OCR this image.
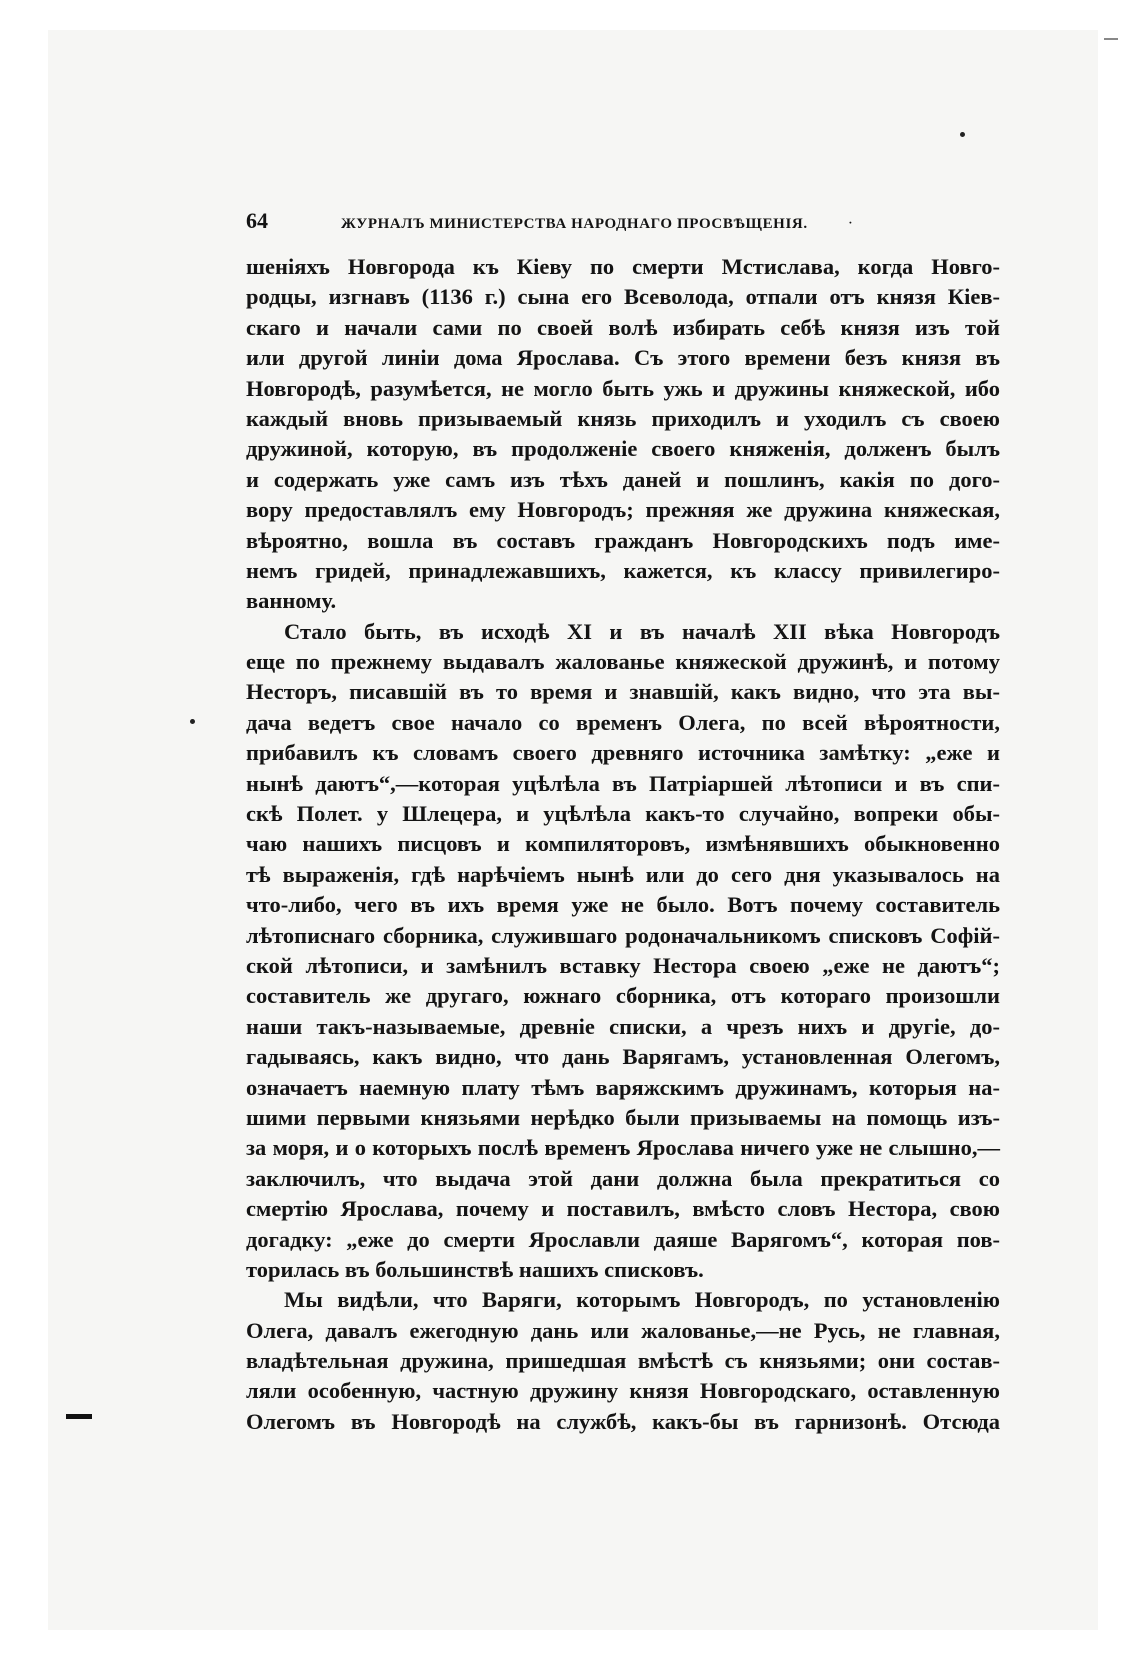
64	ЖУРНАЛЪ МИНИСТЕРСТВА НАРОДНАГО ПРОСВѢЩЕНІЯ.	·
шеніяхъ Новгорода къ Кіеву по смерти Мстислава, когда Новго-
родцы, изгнавъ (1136 г.) сына его Всеволода, отпали отъ князя Кіев-
скаго и начали сами по своей волѣ избирать себѣ князя изъ той
или другой линіи дома Ярослава. Съ этого времени безъ князя въ
Новгородѣ, разумѣется, не могло быть ужь и дружины княжеской, ибо
каждый вновь призываемый князь приходилъ и уходилъ съ своею
дружиной, которую, въ продолженіе своего княженія, долженъ былъ
и содержать уже самъ изъ тѣхъ даней и пошлинъ, какія по дого-
вору предоставлялъ ему Новгородъ; прежняя же дружина княжеская,
вѣроятно, вошла въ составъ гражданъ Новгородскихъ подъ име-
немъ гридей, принадлежавшихъ, кажется, къ классу привилегиро-
ванному.
Стало быть, въ исходѣ XI и въ началѣ XII вѣка Новгородъ
еще по прежнему выдавалъ жалованье княжеской дружинѣ, и потому
Несторъ, писавшій въ то время и знавшій, какъ видно, что эта вы-
дача ведетъ свое начало со временъ Олега, по всей вѣроятности,
прибавилъ къ словамъ своего древняго источника замѣтку: „еже и
нынѣ даютъ“,—которая уцѣлѣла въ Патріаршей лѣтописи и въ спи-
скѣ Полет. у Шлецера, и уцѣлѣла какъ-то случайно, вопреки обы-
чаю нашихъ писцовъ и компиляторовъ, измѣнявшихъ обыкновенно
тѣ выраженія, гдѣ нарѣчіемъ нынѣ или до сего дня указывалось на
что-либо, чего въ ихъ время уже не было. Вотъ почему составитель
лѣтописнаго сборника, служившаго родоначальникомъ списковъ Софій-
ской лѣтописи, и замѣнилъ вставку Нестора своею „еже не даютъ“;
составитель же другаго, южнаго сборника, отъ котораго произошли
наши такъ-называемые, древніе списки, а чрезъ нихъ и другіе, до-
гадываясь, какъ видно, что дань Варягамъ, установленная Олегомъ,
означаетъ наемную плату тѣмъ варяжскимъ дружинамъ, которыя на-
шими первыми князьями нерѣдко были призываемы на помощь изъ-
за моря, и о которыхъ послѣ временъ Ярослава ничего уже не слышно,—
заключилъ, что выдача этой дани должна была прекратиться со
смертію Ярослава, почему и поставилъ, вмѣсто словъ Нестора, свою
догадку: „еже до смерти Ярославли даяше Варягомъ“, которая пов-
торилась въ большинствѣ нашихъ списковъ.
Мы видѣли, что Варяги, которымъ Новгородъ, по установленію
Олега, давалъ ежегодную дань или жалованье,—не Русь, не главная,
владѣтельная дружина, пришедшая вмѣстѣ съ князьями; они состав-
ляли особенную, частную дружину князя Новгородскаго, оставленную
Олегомъ въ Новгородѣ на службѣ, какъ-бы въ гарнизонѣ. Отсюда
